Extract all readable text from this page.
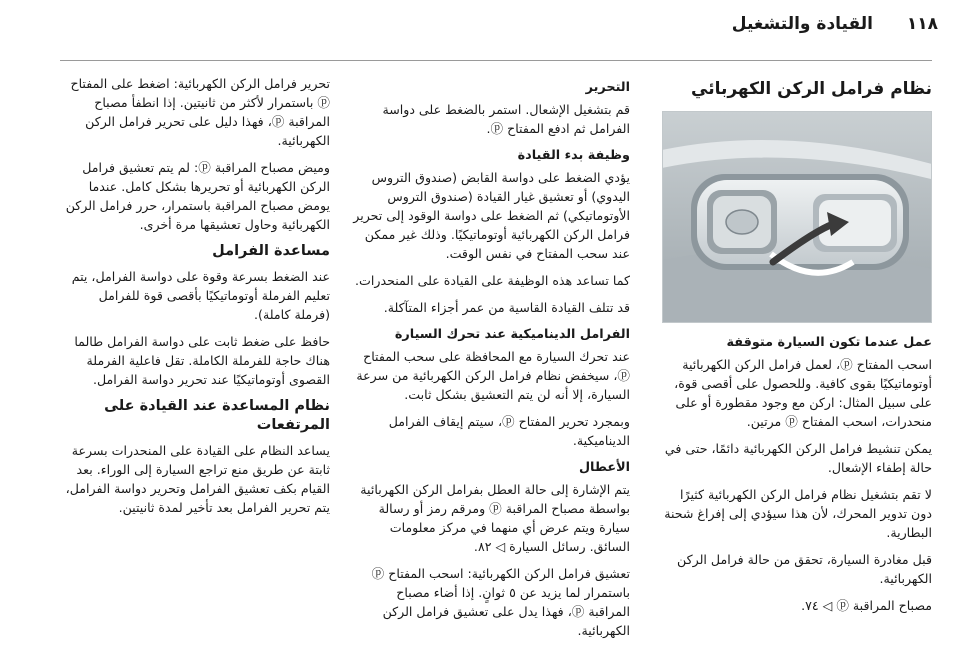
١١٨ القيادة والتشغيل
نظام فرامل الركن الكهربائي
عمل عندما تكون السيارة متوقفة

اسحب المفتاح ⓟ، لعمل فرامل الركن الكهربائية أوتوماتيكيًا بقوى كافية. وللحصول على أقصى قوة، على سبيل المثال: اركن مع وجود مقطورة أو على منحدرات، اسحب المفتاح ⓟ مرتين.

يمكن تنشيط فرامل الركن الكهربائية دائمًا، حتى في حالة إطفاء الإشعال.

لا تقم بتشغيل نظام فرامل الركن الكهربائية كثيرًا دون تدوير المحرك، لأن هذا سيؤدي إلى إفراغ شحنة البطارية.

قبل مغادرة السيارة، تحقق من حالة فرامل الركن الكهربائية.

مصباح المراقبة ⓟ ◁ ٧٤.

التحرير

قم بتشغيل الإشعال. استمر بالضغط على دواسة الفرامل ثم ادفع المفتاح ⓟ.

وظيفة بدء القيادة

يؤدي الضغط على دواسة القابض (صندوق التروس اليدوي) أو تعشيق غيار القيادة (صندوق التروس الأوتوماتيكي) ثم الضغط على دواسة الوقود إلى تحرير فرامل الركن الكهربائية أوتوماتيكيًا. وذلك غير ممكن عند سحب المفتاح في نفس الوقت.

كما تساعد هذه الوظيفة على القيادة على المنحدرات.

قد تتلف القيادة القاسية من عمر أجزاء المتآكلة.

الفرامل الديناميكية عند تحرك السيارة

عند تحرك السيارة مع المحافظة على سحب المفتاح ⓟ، سيخفض نظام فرامل الركن الكهربائية من سرعة السيارة، إلا أنه لن يتم التعشيق بشكل ثابت.

وبمجرد تحرير المفتاح ⓟ، سيتم إيقاف الفرامل الديناميكية.

الأعطال

يتم الإشارة إلى حالة العطل بفرامل الركن الكهربائية بواسطة مصباح المراقبة ⓟ ومرقم رمز أو رسالة سيارة ويتم عرض أي منهما في مركز معلومات السائق. رسائل السيارة ◁ ٨٢.

تعشيق فرامل الركن الكهربائية: اسحب المفتاح ⓟ باستمرار لما يزيد عن ٥ ثوانٍ. إذا أضاء مصباح المراقبة ⓟ، فهذا يدل على تعشيق فرامل الركن الكهربائية.

تحرير فرامل الركن الكهربائية: اضغط على المفتاح ⓟ باستمرار لأكثر من ثانيتين. إذا انطفأ مصباح المراقبة ⓟ، فهذا دليل على تحرير فرامل الركن الكهربائية.

وميض مصباح المراقبة ⓟ: لم يتم تعشيق فرامل الركن الكهربائية أو تحريرها بشكل كامل. عندما يومض مصباح المراقبة باستمرار، حرر فرامل الركن الكهربائية وحاول تعشيقها مرة أخرى.

مساعدة الفرامل

عند الضغط بسرعة وقوة على دواسة الفرامل، يتم تعليم الفرملة أوتوماتيكيًا بأقصى قوة للفرامل (فرملة كاملة).

حافظ على ضغط ثابت على دواسة الفرامل طالما هناك حاجة للفرملة الكاملة. تقل فاعلية الفرملة القصوى أوتوماتيكيًا عند تحرير دواسة الفرامل.

نظام المساعدة عند القيادة على المرتفعات

يساعد النظام على القيادة على المنحدرات بسرعة ثابتة عن طريق منع تراجع السيارة إلى الوراء. بعد القيام بكف تعشيق الفرامل وتحرير دواسة الفرامل، يتم تحرير الفرامل بعد تأخير لمدة ثانيتين.
